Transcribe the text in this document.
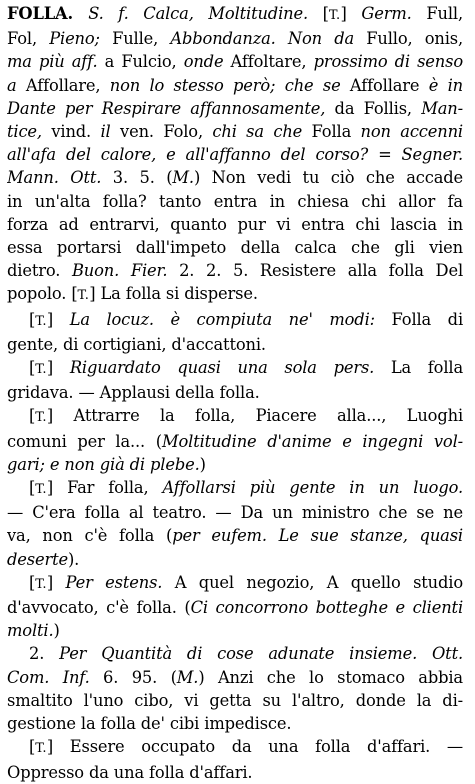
FOLLA. S. f. Calca, Moltitudine. [T.] Germ. Full,
Fol, Pieno; Fulle, Abbondanza. Non da Fullo, onis,
ma più aff. a Fulcio, onde Affoltare, prossimo di senso
a Affollare, non lo stesso però; che se Affollare è in
Dante per Respirare affannosamente, da Follis, Man-
tice, vind. il ven. Folo, chi sa che Folla non accenni
all'afa del calore, e all'affanno del corso? = Segner.
Mann. Ott. 3. 5. (M.) Non vedi tu ciò che accade
in un'alta folla? tanto entra in chiesa chi allor fa
forza ad entrarvi, quanto pur vi entra chi lascia in
essa portarsi dall'impeto della calca che gli vien
dietro. Buon. Fier. 2. 2. 5. Resistere alla folla Del
popolo. [T.] La folla si disperse.
[T.] La locuz. è compiuta ne' modi: Folla di
gente, di cortigiani, d'accattoni.
[T.] Riguardato quasi una sola pers. La folla
gridava. — Applausi della folla.
[T.] Attrarre la folla, Piacere alla..., Luoghi
comuni per la... (Moltitudine d'anime e ingegni vol-
gari; e non già di plebe.)
[T.] Far folla, Affollarsi più gente in un luogo.
— C'era folla al teatro. — Da un ministro che se ne
va, non c'è folla (per eufem. Le sue stanze, quasi
deserte).
[T.] Per estens. A quel negozio, A quello studio
d'avvocato, c'è folla. (Ci concorrono botteghe e clienti
molti.)
2. Per Quantità di cose adunate insieme. Ott.
Com. Inf. 6. 95. (M.) Anzi che lo stomaco abbia
smaltito l'uno cibo, vi getta su l'altro, donde la di-
gestione la folla de' cibi impedisce.
[T.] Essere occupato da una folla d'affari. —
Oppresso da una folla d'affari.
